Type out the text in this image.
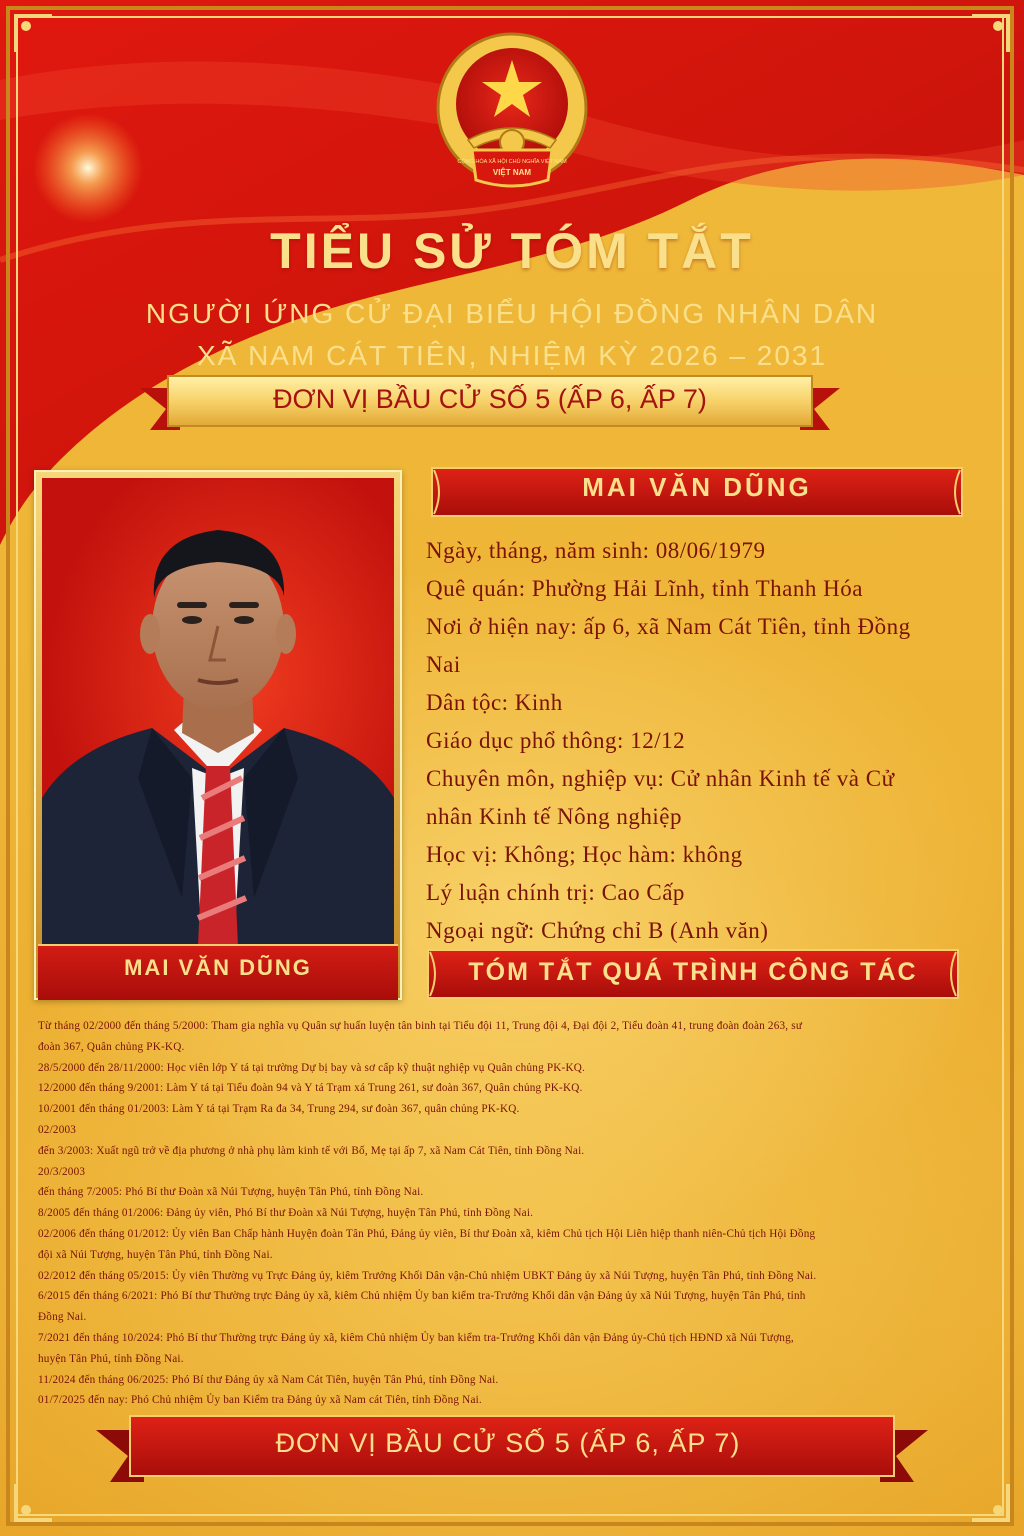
CỘNG HÒA XÃ HỘI CHỦ NGHĨA VIỆT NAM
VIỆT NAM
TIỂU SỬ TÓM TẮT
NGƯỜI ỨNG CỬ ĐẠI BIỂU HỘI ĐỒNG NHÂN DÂN
XÃ NAM CÁT TIÊN, NHIỆM KỲ 2026 – 2031
ĐƠN VỊ BẦU CỬ SỐ 5 (ẤP 6, ẤP 7)
MAI VĂN DŨNG
MAI VĂN DŨNG
Ngày, tháng, năm sinh: 08/06/1979
Quê quán: Phường Hải Lĩnh, tỉnh Thanh Hóa
Nơi ở hiện nay: ấp 6, xã Nam Cát Tiên, tỉnh Đồng
Nai
Dân tộc: Kinh
Giáo dục phổ thông: 12/12
Chuyên môn, nghiệp vụ: Cử nhân Kinh tế và Cử
nhân Kinh tế Nông nghiệp
Học vị: Không; Học hàm: không
Lý luận chính trị: Cao Cấp
Ngoại ngữ: Chứng chỉ B (Anh văn)
TÓM TẮT QUÁ TRÌNH CÔNG TÁC
Từ tháng 02/2000 đến tháng 5/2000: Tham gia nghĩa vụ Quân sự huấn luyện tân binh tại Tiểu đội 11, Trung đội 4, Đại đội 2, Tiểu đoàn 41, trung đoàn đoàn 263, sư
đoàn 367, Quân chủng PK-KQ.
28/5/2000 đến 28/11/2000: Học viên lớp Y tá tại trường Dự bị bay và sơ cấp kỹ thuật nghiệp vụ Quân chủng PK-KQ.
12/2000 đến tháng 9/2001: Làm Y tá tại Tiểu đoàn 94 và Y tá Trạm xá Trung 261, sư đoàn 367, Quân chủng PK-KQ.
10/2001 đến tháng 01/2003: Làm Y tá tại Trạm Ra đa 34, Trung 294, sư đoàn 367, quân chủng PK-KQ.
02/2003
đến 3/2003: Xuất ngũ trở về địa phương ở nhà phụ làm kinh tế với Bố, Mẹ tại ấp 7, xã Nam Cát Tiên, tỉnh Đồng Nai.
20/3/2003
đến tháng 7/2005: Phó Bí thư Đoàn xã Núi Tượng, huyện Tân Phú, tỉnh Đồng Nai.
8/2005 đến tháng 01/2006: Đảng ủy viên, Phó Bí thư Đoàn xã Núi Tượng, huyện Tân Phú, tỉnh Đồng Nai.
02/2006 đến tháng 01/2012: Ủy viên Ban Chấp hành Huyện đoàn Tân Phú, Đảng ủy viên, Bí thư Đoàn xã, kiêm Chủ tịch Hội Liên hiệp thanh niên-Chủ tịch Hội Đồng
đội xã Núi Tượng, huyện Tân Phú, tỉnh Đồng Nai.
02/2012 đến tháng 05/2015: Ủy viên Thường vụ Trực Đảng ủy, kiêm Trưởng Khối Dân vận-Chủ nhiệm UBKT Đảng ủy xã Núi Tượng, huyện Tân Phú, tỉnh Đồng Nai.
6/2015 đến tháng 6/2021: Phó Bí thư Thường trực Đảng ủy xã, kiêm Chủ nhiệm Ủy ban kiểm tra-Trưởng Khối dân vận Đảng ủy xã Núi Tượng, huyện Tân Phú, tỉnh
Đồng Nai.
7/2021 đến tháng 10/2024: Phó Bí thư Thường trực Đảng ủy xã, kiêm Chủ nhiệm Ủy ban kiểm tra-Trưởng Khối dân vận Đảng ủy-Chủ tịch HĐND xã Núi Tượng,
huyện Tân Phú, tỉnh Đồng Nai.
11/2024 đến tháng 06/2025: Phó Bí thư Đảng ủy xã Nam Cát Tiên, huyện Tân Phú, tỉnh Đồng Nai.
01/7/2025 đến nay: Phó Chủ nhiệm Ủy ban Kiểm tra Đảng ủy xã Nam cát Tiên, tỉnh Đồng Nai.
ĐƠN VỊ BẦU CỬ SỐ 5 (ẤP 6, ẤP 7)
